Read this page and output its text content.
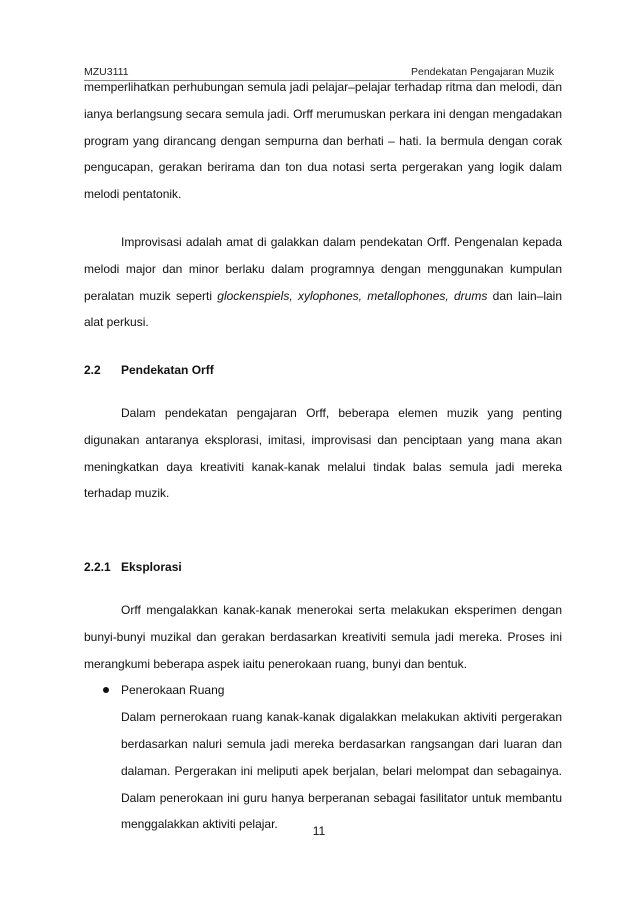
MZU3111	Pendekatan Pengajaran Muzik

memperlihatkan perhubungan semula jadi pelajar–pelajar terhadap ritma dan melodi, dan ianya berlangsung secara semula jadi. Orff merumuskan perkara ini dengan mengadakan program yang dirancang dengan sempurna dan berhati – hati. Ia bermula dengan corak pengucapan, gerakan berirama dan ton dua notasi serta pergerakan yang logik dalam melodi pentatonik.

Improvisasi adalah amat di galakkan dalam pendekatan Orff. Pengenalan kepada melodi major dan minor berlaku dalam programnya dengan menggunakan kumpulan peralatan muzik seperti glockenspiels, xylophones, metallophones, drums dan lain–lain alat perkusi.

2.2 Pendekatan Orff

Dalam pendekatan pengajaran Orff, beberapa elemen muzik yang penting digunakan antaranya eksplorasi, imitasi, improvisasi dan penciptaan yang mana akan meningkatkan daya kreativiti kanak-kanak melalui tindak balas semula jadi mereka terhadap muzik.

2.2.1 Eksplorasi

Orff mengalakkan kanak-kanak menerokai serta melakukan eksperimen dengan bunyi-bunyi muzikal dan gerakan berdasarkan kreativiti semula jadi mereka. Proses ini merangkumi beberapa aspek iaitu penerokaan ruang, bunyi dan bentuk.

Penerokaan Ruang

Dalam pernerokaan ruang kanak-kanak digalakkan melakukan aktiviti pergerakan berdasarkan naluri semula jadi mereka berdasarkan rangsangan dari luaran dan dalaman. Pergerakan ini meliputi apek berjalan, belari melompat dan sebagainya. Dalam penerokaan ini guru hanya berperanan sebagai fasilitator untuk membantu menggalakkan aktiviti pelajar.	11
